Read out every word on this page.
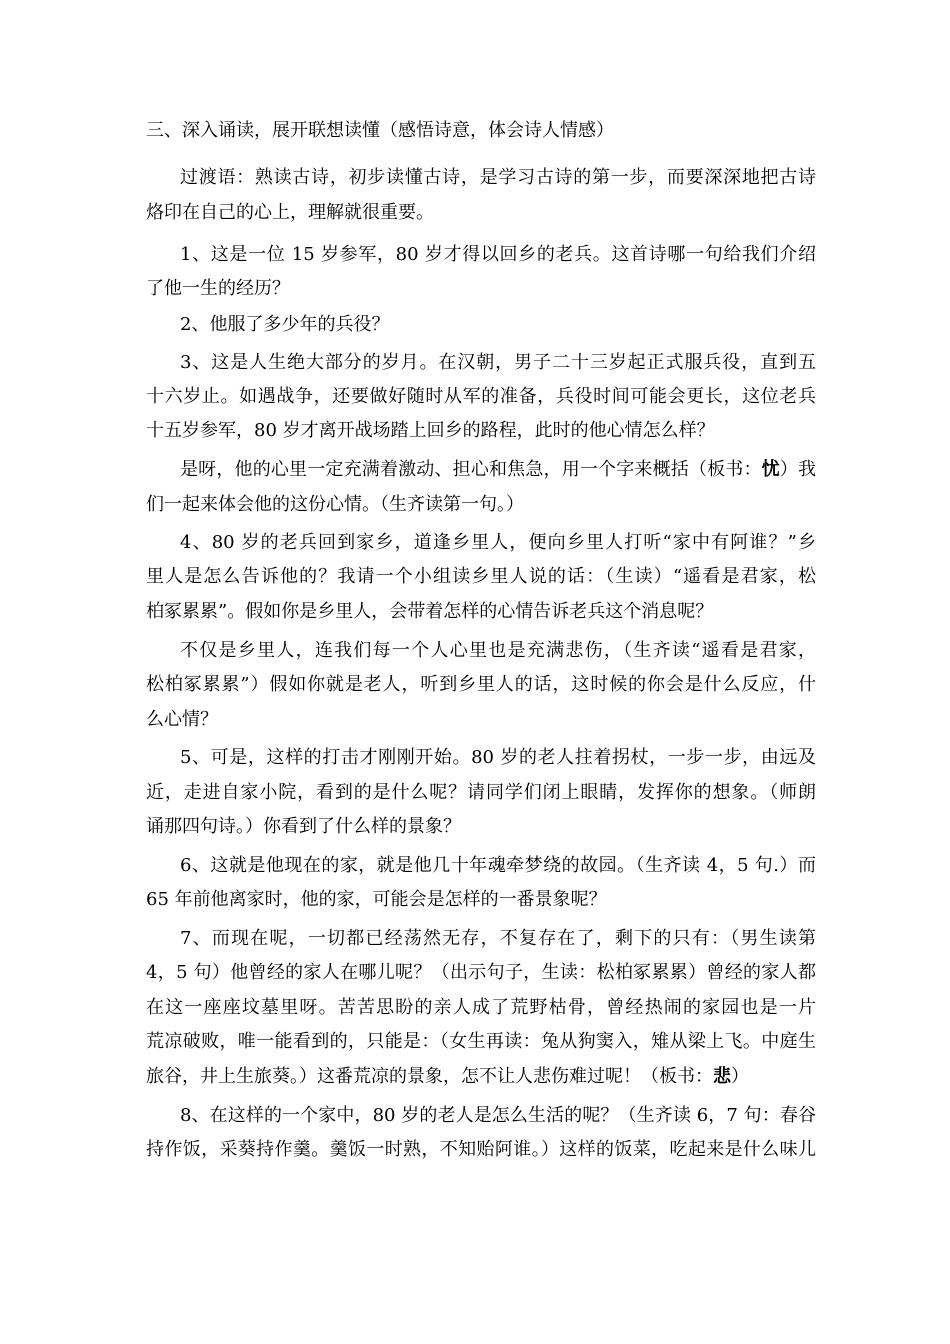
三、深入诵读，展开联想读懂（感悟诗意，体会诗人情感）
过渡语：熟读古诗，初步读懂古诗，是学习古诗的第一步，而要深深地把古诗
烙印在自己的心上，理解就很重要。
1、这是一位 15 岁参军，80 岁才得以回乡的老兵。这首诗哪一句给我们介绍
了他一生的经历？
2、他服了多少年的兵役？
3、这是人生绝大部分的岁月。在汉朝，男子二十三岁起正式服兵役，直到五
十六岁止。如遇战争，还要做好随时从军的准备，兵役时间可能会更长，这位老兵
十五岁参军，80 岁才离开战场踏上回乡的路程，此时的他心情怎么样？
是呀，他的心里一定充满着激动、担心和焦急，用一个字来概括（板书：忧）我
们一起来体会他的这份心情。（生齐读第一句。）
4、80 岁的老兵回到家乡，道逢乡里人，便向乡里人打听“家中有阿谁？”乡
里人是怎么告诉他的？我请一个小组读乡里人说的话：（生读）“遥看是君家，松
柏冢累累”。假如你是乡里人，会带着怎样的心情告诉老兵这个消息呢？
不仅是乡里人，连我们每一个人心里也是充满悲伤，（生齐读“遥看是君家，
松柏冢累累”）假如你就是老人，听到乡里人的话，这时候的你会是什么反应，什
么心情？
5、可是，这样的打击才刚刚开始。80 岁的老人拄着拐杖，一步一步，由远及
近，走进自家小院，看到的是什么呢？请同学们闭上眼睛，发挥你的想象。（师朗
诵那四句诗。）你看到了什么样的景象？
6、这就是他现在的家，就是他几十年魂牵梦绕的故园。（生齐读 4，5 句.）而
65 年前他离家时，他的家，可能会是怎样的一番景象呢？
7、而现在呢，一切都已经荡然无存，不复存在了，剩下的只有：（男生读第
4，5 句）他曾经的家人在哪儿呢？（出示句子，生读：松柏冢累累）曾经的家人都
在这一座座坟墓里呀。苦苦思盼的亲人成了荒野枯骨，曾经热闹的家园也是一片
荒凉破败，唯一能看到的，只能是：（女生再读：兔从狗窦入，雉从梁上飞。中庭生
旅谷，井上生旅葵。）这番荒凉的景象，怎不让人悲伤难过呢！（板书：悲）
8、在这样的一个家中，80 岁的老人是怎么生活的呢？（生齐读 6，7 句：春谷
持作饭，采葵持作羹。羹饭一时熟，不知贻阿谁。）这样的饭菜，吃起来是什么味儿
